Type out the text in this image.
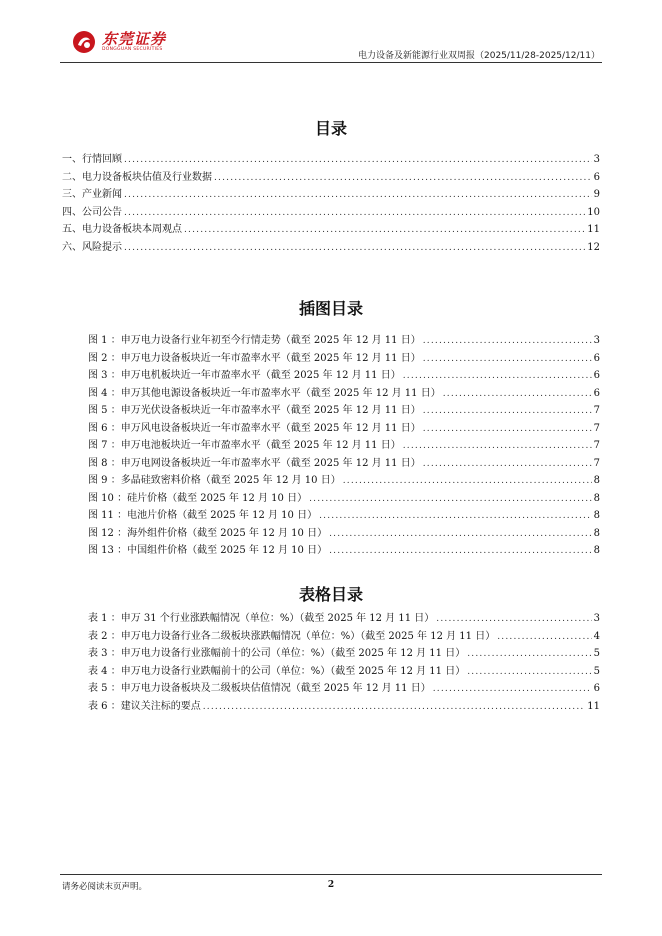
东莞证券
DONGGUAN SECURITIES
电力设备及新能源行业双周报（2025/11/28-2025/12/11）
目录
一、行情回顾 .....	3
二、电力设备板块估值及行业数据 .....	6
三、产业新闻 .....	9
四、公司公告 .....	10
五、电力设备板块本周观点 .....	11
六、风险提示 .....	12
插图目录
图 1 ：申万电力设备行业年初至今行情走势（截至 2025 年 12 月 11 日） .....	3
图 2 ：申万电力设备板块近一年市盈率水平（截至 2025 年 12 月 11 日） .....	6
图 3 ：申万电机板块近一年市盈率水平（截至 2025 年 12 月 11 日） .....	6
图 4 ：申万其他电源设备板块近一年市盈率水平（截至 2025 年 12 月 11 日） .....	6
图 5 ：申万光伏设备板块近一年市盈率水平（截至 2025 年 12 月 11 日） .....	7
图 6 ：申万风电设备板块近一年市盈率水平（截至 2025 年 12 月 11 日） .....	7
图 7 ：申万电池板块近一年市盈率水平（截至 2025 年 12 月 11 日） .....	7
图 8 ：申万电网设备板块近一年市盈率水平（截至 2025 年 12 月 11 日） .....	7
图 9 ：多晶硅致密料价格（截至 2025 年 12 月 10 日） .....	8
图 10 ：硅片价格（截至 2025 年 12 月 10 日） .....	8
图 11 ：电池片价格（截至 2025 年 12 月 10 日） .....	8
图 12 ：海外组件价格（截至 2025 年 12 月 10 日） .....	8
图 13 ：中国组件价格（截至 2025 年 12 月 10 日） .....	8
表格目录
表 1 ：申万 31 个行业涨跌幅情况（单位：%）（截至 2025 年 12 月 11 日） .....	3
表 2 ：申万电力设备行业各二级板块涨跌幅情况（单位：%）（截至 2025 年 12 月 11 日） .....	4
表 3 ：申万电力设备行业涨幅前十的公司（单位：%）（截至 2025 年 12 月 11 日） .....	5
表 4 ：申万电力设备行业跌幅前十的公司（单位：%）（截至 2025 年 12 月 11 日） .....	5
表 5 ：申万电力设备板块及二级板块估值情况（截至 2025 年 12 月 11 日） .....	6
表 6 ：建议关注标的要点 .....	11
请务必阅读末页声明。	2
